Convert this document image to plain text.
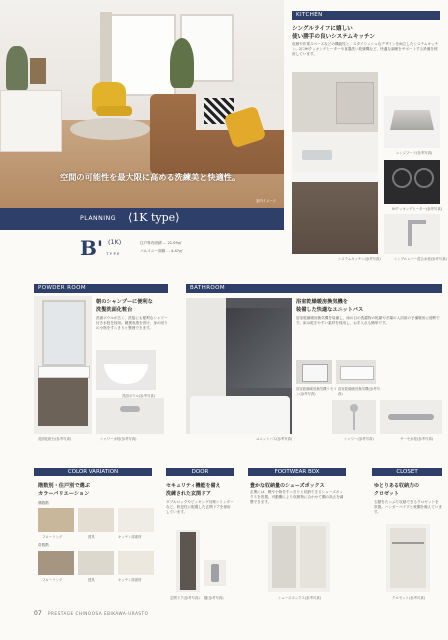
空間の可能性を最大限に高める洗練美と快適性。
室内イメージ
PLANNING ⟨1K type⟩
B' (1K)
TYPE
住戸専有面積 … 21.09㎡
バルコニー面積 … 4.47㎡
KITCHEN
シングルライフに嬉しい
使い勝手の良いシステムキッチン
収納や作業スペースなどの機能性と、スタイリッシュなデザインを両立したシステムキッチン。2口IHクッキングヒーターや食器洗い乾燥機など、快適な調理をサポートする設備を採用しています。
システムキッチン(参考写真)
レンジフード(参考写真)
IHクッキングヒーター(参考写真)
シングルレバー混合水栓(参考写真)
POWDER ROOM
朝のシャンプーに便利な
洗髪洗面化粧台
洗面ボウルが広く、洗髪にも便利なシャワー付き水栓を採用。鏡裏収納を設け、身の回りの小物をすっきりと整理できます。
洗面化粧台(参考写真)
洗面ボウル(参考写真)
シャワー水栓(参考写真)
BATHROOM
浴室乾燥暖房換気機を
装備した快適なユニットバス
浴室乾燥暖房換気機を装備し、雨の日の洗濯物の乾燥や冬場の入浴前の予備暖房に便利です。床は乾きやすい素材を採用し、お手入れも簡単です。
ユニットバス(参考写真)
浴室乾燥暖房換気機リモコン(参考写真)
浴室乾燥暖房換気機(参考写真)
シャワー(参考写真)	サーモ水栓(参考写真)
COLOR VARIATION
階数別・住戸別で選ぶ
カラーバリエーション
偶数階
フローリング	建具	キッチン扉面材
奇数階
フローリング	建具	キッチン扉面材
DOOR
セキュリティ機能を備え
洗練された玄関ドア
ダブルロックやピッキング対策シリンダーなど、防犯性に配慮した玄関ドアを採用しています。
玄関ドア(参考写真) 鍵(参考写真)
FOOTWEAR BOX
豊かな収納量のシューズボックス
玄関には、靴や小物をすっきりと収納できるシューズボックスを設置。可動棚により収納物に合わせて棚の高さを調整できます。
シューズボックス(参考写真)
CLOSET
ゆとりある収納力の
クロゼット
衣類をたっぷり収納できるクロゼットを設置。ハンガーパイプと枕棚を備えています。
クロゼット(参考写真)
07 PRESTAGE CHINOOSA EBIKAWA-URASTO
